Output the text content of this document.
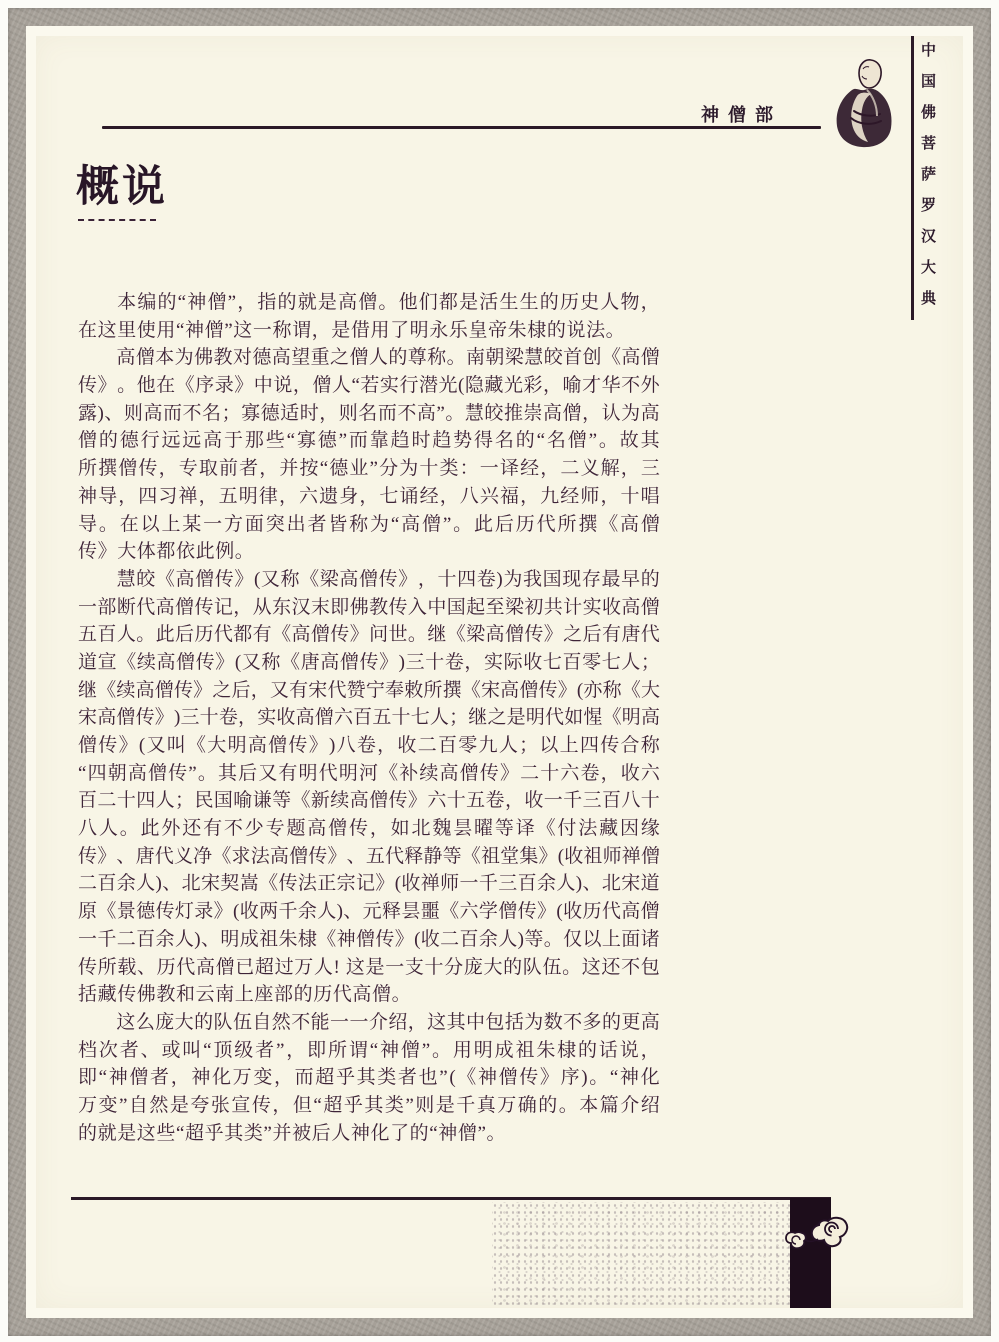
神僧部	中国佛菩萨罗汉大典
概说
本 编 的 “ 神 僧 ” ， 指 的 就 是 高 僧 。 他 们 都 是 活 生 生 的 历 史 人 物 ，
在这里使用“神僧”这一称谓，是借用了明永乐皇帝朱棣的说法。
高 僧 本 为 佛 教 对 德 高 望 重 之 僧 人 的 尊 称 。 南 朝 梁 慧 皎 首 创 《 高 僧
传 》 。 他 在 《 序 录 》 中 说 ， 僧 人 “ 若 实 行 潜 光 ( 隐 藏 光 彩 ， 喻 才 华 不 外
露 ) 、 则 高 而 不 名 ； 寡 德 适 时 ， 则 名 而 不 高 ” 。 慧 皎 推 崇 高 僧 ， 认 为 高
僧 的 德 行 远 远 高 于 那 些 “ 寡 德 ” 而 靠 趋 时 趋 势 得 名 的 “ 名 僧 ” 。 故 其
所 撰 僧 传 ， 专 取 前 者 ， 并 按 “ 德 业 ” 分 为 十 类 ： 一 译 经 ， 二 义 解 ， 三
神 导 ， 四 习 禅 ， 五 明 律 ， 六 遗 身 ， 七 诵 经 ， 八 兴 福 ， 九 经 师 ， 十 唱
导 。 在 以 上 某 一 方 面 突 出 者 皆 称 为 “ 高 僧 ” 。 此 后 历 代 所 撰 《 高 僧
传》大体都依此例。
慧 皎 《 高 僧 传 》 ( 又 称 《 梁 高 僧 传 》 ， 十 四 卷 ) 为 我 国 现 存 最 早 的
一 部 断 代 高 僧 传 记 ， 从 东 汉 末 即 佛 教 传 入 中 国 起 至 梁 初 共 计 实 收 高 僧
五 百 人 。 此 后 历 代 都 有 《 高 僧 传 》 问 世 。 继 《 梁 高 僧 传 》 之 后 有 唐 代
道 宣 《 续 高 僧 传 》 ( 又 称 《 唐 高 僧 传 》 ) 三 十 卷 ， 实 际 收 七 百 零 七 人 ；
继 《 续 高 僧 传 》 之 后 ， 又 有 宋 代 赞 宁 奉 敕 所 撰 《 宋 高 僧 传 》 ( 亦 称 《 大
宋 高 僧 传 》 ) 三 十 卷 ， 实 收 高 僧 六 百 五 十 七 人 ； 继 之 是 明 代 如 惺 《 明 高
僧 传 》 ( 又 叫 《 大 明 高 僧 传 》 ) 八 卷 ， 收 二 百 零 九 人 ； 以 上 四 传 合 称
“ 四 朝 高 僧 传 ” 。 其 后 又 有 明 代 明 河 《 补 续 高 僧 传 》 二 十 六 卷 ， 收 六
百 二 十 四 人 ； 民 国 喻 谦 等 《 新 续 高 僧 传 》 六 十 五 卷 ， 收 一 千 三 百 八 十
八 人 。 此 外 还 有 不 少 专 题 高 僧 传 ， 如 北 魏 昙 曜 等 译 《 付 法 藏 因 缘
传 》 、 唐 代 义 净 《 求 法 高 僧 传 》 、 五 代 释 静 等 《 祖 堂 集 》 ( 收 祖 师 禅 僧
二 百 余 人 ) 、 北 宋 契 嵩 《 传 法 正 宗 记 》 ( 收 禅 师 一 千 三 百 余 人 ) 、 北 宋 道
原 《 景 德 传 灯 录 》 ( 收 两 千 余 人 ) 、 元 释 昙 噩 《 六 学 僧 传 》 ( 收 历 代 高 僧
一 千 二 百 余 人 ) 、 明 成 祖 朱 棣 《 神 僧 传 》 ( 收 二 百 余 人 ) 等 。 仅 以 上 面 诸
传 所 载 、 历 代 高 僧 已 超 过 万 人 !
这 是 一 支 十 分 庞 大 的 队 伍 。 这 还 不 包
括藏传佛教和云南上座部的历代高僧。
这 么 庞 大 的 队 伍 自 然 不 能 一 一 介 绍 ， 这 其 中 包 括 为 数 不 多 的 更 高
档 次 者 、 或 叫 “ 顶 级 者 ” ， 即 所 谓 “ 神 僧 ” 。 用 明 成 祖 朱 棣 的 话 说 ，
即 “ 神 僧 者 ， 神 化 万 变 ， 而 超 乎 其 类 者 也 ” ( 《 神 僧 传 》 序 ) 。 “ 神 化
万 变 ” 自 然 是 夸 张 宣 传 ， 但 “ 超 乎 其 类 ” 则 是 千 真 万 确 的 。 本 篇 介 绍
的就是这些“超乎其类”并被后人神化了的“神僧”。
